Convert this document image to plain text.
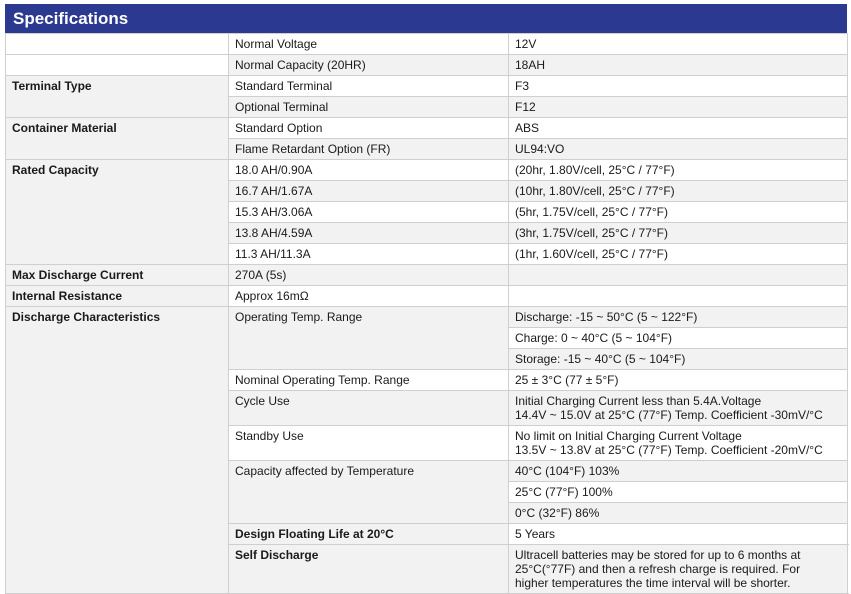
Specifications
	Normal Voltage	12V
	Normal Capacity (20HR)	18AH
Terminal Type	Standard Terminal	F3
	Optional Terminal	F12
Container Material	Standard Option	ABS
	Flame Retardant Option (FR)	UL94:VO
Rated Capacity	18.0 AH/0.90A	(20hr, 1.80V/cell, 25°C / 77°F)
	16.7 AH/1.67A	(10hr, 1.80V/cell, 25°C / 77°F)
	15.3 AH/3.06A	(5hr, 1.75V/cell, 25°C / 77°F)
	13.8 AH/4.59A	(3hr, 1.75V/cell, 25°C / 77°F)
	11.3 AH/11.3A	(1hr, 1.60V/cell, 25°C / 77°F)
Max Discharge Current	270A (5s)	
Internal Resistance	Approx 16mΩ	
Discharge Characteristics	Operating Temp. Range	Discharge: -15 ~ 50°C (5 ~ 122°F)
		Charge: 0 ~ 40°C (5 ~ 104°F)
		Storage: -15 ~ 40°C (5 ~ 104°F)
	Nominal Operating Temp. Range	25 ± 3°C (77 ± 5°F)
	Cycle Use	Initial Charging Current less than 5.4A.Voltage
14.4V ~ 15.0V at 25°C (77°F) Temp. Coefficient -30mV/°C

	Standby Use	No limit on Initial Charging Current Voltage
13.5V ~ 13.8V at 25°C (77°F) Temp. Coefficient -20mV/°C

	Capacity affected by Temperature	40°C (104°F) 103%
		25°C (77°F) 100%
		0°C (32°F) 86%
	Design Floating Life at 20°C	5 Years
	Self Discharge	Ultracell batteries may be stored for up to 6 months at 25°C(°77F) and then a refresh charge is required. For
higher temperatures the time interval will be shorter.
